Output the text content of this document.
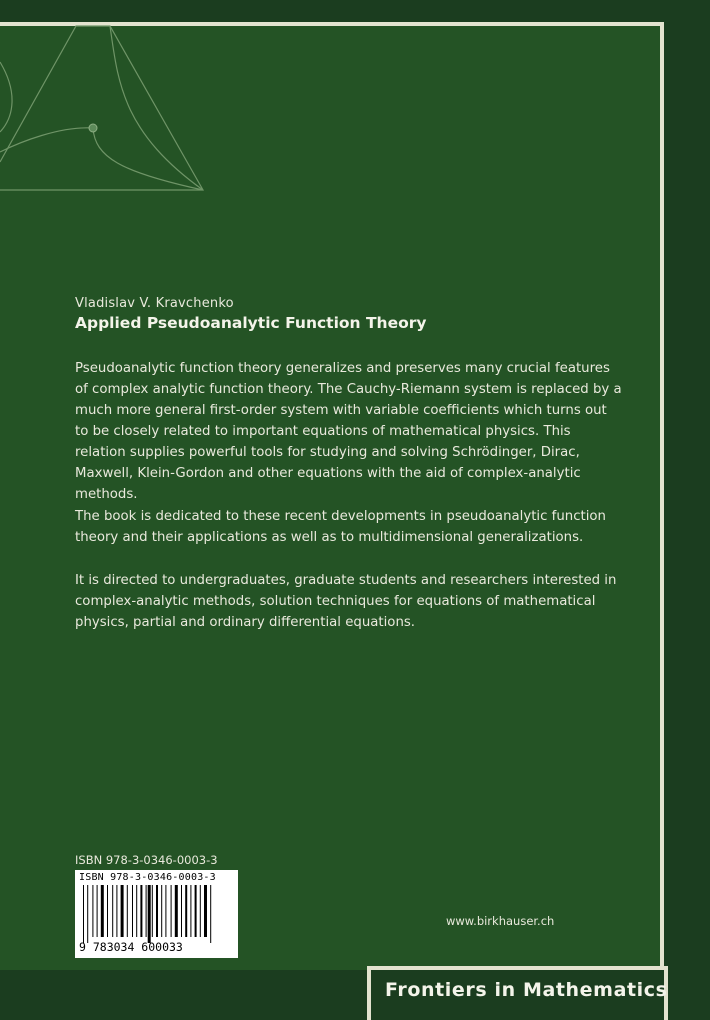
Vladislav V. Kravchenko

Applied Pseudoanalytic Function Theory

Pseudoanalytic function theory generalizes and preserves many crucial features of complex analytic function theory. The Cauchy-Riemann system is replaced by a much more general first-order system with variable coefficients which turns out to be closely related to important equations of mathematical physics. This relation supplies powerful tools for studying and solving Schrödinger, Dirac, Maxwell, Klein-Gordon and other equations with the aid of complex-analytic methods.

The book is dedicated to these recent developments in pseudoanalytic function theory and their applications as well as to multidimensional generalizations.

It is directed to undergraduates, graduate students and researchers interested in complex-analytic methods, solution techniques for equations of mathematical physics, partial and ordinary differential equations.

ISBN 978-3-0346-0003-3

ISBN 978-3-0346-0003-3
9 783034 600033

www.birkhauser.ch

Frontiers in Mathematics
